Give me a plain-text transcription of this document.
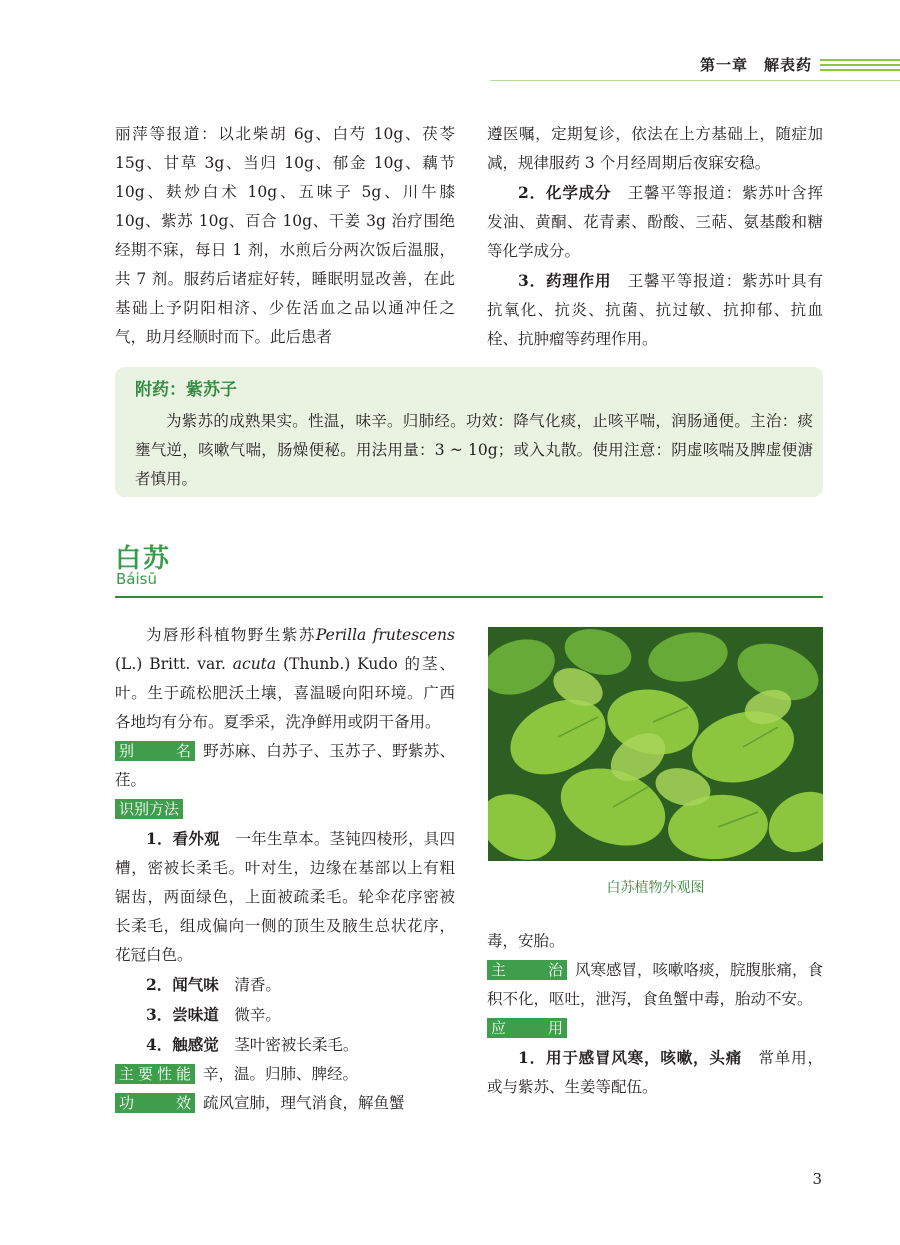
第一章　解表药

丽萍等报道：以北柴胡 6g、白芍 10g、茯苓 15g、甘草 3g、当归 10g、郁金 10g、藕节 10g、麸炒白术 10g、五味子 5g、川牛膝 10g、紫苏 10g、百合 10g、干姜 3g 治疗围绝经期不寐，每日 1 剂，水煎后分两次饭后温服，共 7 剂。服药后诸症好转，睡眠明显改善，在此基础上予阴阳相济、少佐活血之品以通冲任之气，助月经顺时而下。此后患者

遵医嘱，定期复诊，依法在上方基础上，随症加减，规律服药 3 个月经周期后夜寐安稳。

2．化学成分　 王馨平等报道：紫苏叶含挥发油、黄酮、花青素、酚酸、三萜、氨基酸和糖等化学成分。

3．药理作用　 王馨平等报道：紫苏叶具有抗氧化、抗炎、抗菌、抗过敏、抗抑郁、抗血栓、抗肿瘤等药理作用。

附药：紫苏子
为紫苏的成熟果实。性温，味辛。归肺经。功效：降气化痰，止咳平喘，润肠通便。主治：痰壅气逆，咳嗽气喘，肠燥便秘。用法用量：3 ~ 10g；或入丸散。使用注意：阴虚咳喘及脾虚便溏者慎用。
白苏
Báisū

为唇形科植物野生紫苏Perilla frutescens (L.) Britt. var. acuta (Thunb.) Kudo 的茎、叶。生于疏松肥沃土壤，喜温暖向阳环境。广西各地均有分布。夏季采，洗净鲜用或阴干备用。

别　名 野苏麻、白苏子、玉苏子、野紫苏、荏。

识别方法

1．看外观　 一年生草本。茎钝四棱形，具四槽，密被长柔毛。叶对生，边缘在基部以上有粗锯齿，两面绿色，上面被疏柔毛。轮伞花序密被长柔毛，组成偏向一侧的顶生及腋生总状花序，花冠白色。

2．闻气味　 清香。

3．尝味道　 微辛。

4．触感觉　 茎叶密被长柔毛。

主要性能 辛，温。归肺、脾经。

功　效 疏风宣肺，理气消食，解鱼蟹

白苏植物外观图

毒，安胎。

主　治 风寒感冒，咳嗽咯痰，脘腹胀痛，食积不化，呕吐，泄泻，食鱼蟹中毒，胎动不安。

应　用

1．用于感冒风寒，咳嗽，头痛　 常单用，或与紫苏、生姜等配伍。

3
